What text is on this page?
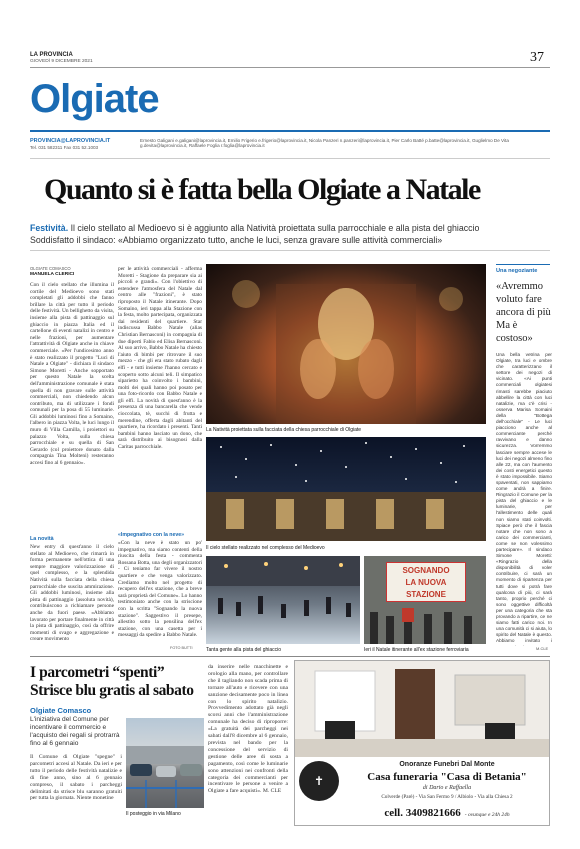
LA PROVINCIA
GIOVEDÌ 9 DICEMBRE 2021	37
Olgiate
PROVINCIA@LAPROVINCIA.IT
Tel. 031 582311 Fax 031 52.1003
Ernesto Galigani e.galigani@laprovincia.it, Emilio Frigerio e.frigerio@laprovincia.it, Nicola Panzeri n.panzeri@laprovincia.it, Pier Carlo Batté p.batte@laprovincia.it, Guglielmo De Vita g.devita@laprovincia.it, Raffaele Foglia r.foglia@laprovincia.it
Quanto si è fatta bella Olgiate a Natale
Festività. Il cielo stellato al Medioevo si è aggiunto alla Natività proiettata sulla parrocchiale e alla pista del ghiaccio
Soddisfatto il sindaco: «Abbiamo organizzato tutto, anche le luci, senza gravare sulle attività commerciali»
OLGIATE COMASCO
MANUELA CLERICI
Con il cielo stellato che illumina il cortile del Medioevo sono stati completati gli addobbi che fanno brillare la città per tutto il periodo delle festività. Un bellighetto da visita, insieme alla pista di pattinaggio sul ghiaccio in piazza Italia ed il cartellone di eventi natalizi in centro e nelle frazioni, per aumentare l'attrattività di Olgiate anche in chiave commerciale. «Per l'undicesimo anno è stato realizzato il progetto "Luci di Natale a Olgiate" - dichiara il sindaco Simone Moretti - Anche sopportato per questo Natale la scelta dell'amministrazione comunale è stata quella di non gravare sulle attività commerciali, non chiedendo alcun contributo, ma di utilizzare i fondi comunali per la posa di 55 luminarie. Gli addobbi luminosi fino a Somaino, l'albero in piazza Volta, le luci lungo il muro di Villa Camilla, i proiettori su palazzo Volta, sulla chiesa parrocchiale e su quella di San Gerardo (col proiettore donato dalla compagnia Tina Molteni) resteranno accesi fino al 6 gennaio».
La novità
New entry di quest'anno il cielo stellato al Medioevo, che rimarrà in forma permanente nell'ottica di una sempre maggiore valorizzazione di quel complesso, e la splendida Natività sulla facciata della chiesa parrocchiale che suscita ammirazione. Gli addobbi luminosi, insieme alla pista di pattinaggio (assoluta novità), contribuiscono a richiamare persone anche da fuori paese. «Abbiamo lavorato per portare finalmente in città la pista di pattinaggio, così da offrire momenti di svago e aggregazione e creare movimento
per le attività commerciali - afferma Moretti - Stagione da preparare sia ai piccoli e grandi». Con l'obiettivo di estendere l'atmosfera del Natale dal centro alle "frazioni", è stato riproposto il Natale itinerante. Dopo Somaino, ieri tappa alla Stazione con la festa, molto partecipata, organizzata dai residenti del quartiere. Star indiscussa Babbo Natale (alias Christian Bernasconi) in compagnia di due diperti Fabio ed Elisa Bernasconi. Al suo arrivo, Babbo Natale ha chiesto l'aiuto di bimbi per ritrovare il suo mezzo - che gli era stato rubato dagli elfi - e tutti insieme l'hanno cercato e scoperto sotto alcuni teli. Il simpatico siparietto ha coinvolto i bambini, molti dei quali hanno poi posato per una foto-ricordo con Babbo Natale e gli elfi. La novità di quest'anno è la presenza di una bancarella che vende cioccolata, tè, succhi di frutta e merendine, offerta dagli abitanti del quartiere, ha ricordato i presenti. Tanti bambini hanno lasciato un dono, che sarà distribuito ai bisognosi dalla Caritas parrocchiale.
«Impegnativo con la neve»
«Con la neve è stato un po' impegnativo, ma siamo contenti della riuscita della festa - commenta Rossana Botta, una degli organizzatori - Ci teniamo far vivere il nostro quartiere e che venga valorizzato. Crediamo molto nel progetto di recupero dell'ex stazione, che a breve sarà proprietà del Comune». Lo hanno testimoniato anche con la striscione con la scritta "Sognando la nuova stazione". Saggestivo il presepe, allestito sotto la pensilina dell'ex stazione, con una casetta per i messaggi da spedire a Babbo Natale.
FOTO BUTTI
La Natività proiettata sulla facciata della chiesa parrocchiale di Olgiate
Il cielo stellato realizzato nel complesso del Medioevo
Tanta gente alla pista del ghiaccio
SOGNANDO
LA NUOVA
STAZIONE
Ieri il Natale itinerante all'ex stazione ferroviaria
Una negoziante
«Avremmo voluto fare ancora di più Ma è costoso»
Una bella vetrina per Olgiate, tra luci e ombre che caratterizzano il settore dei negozi di vicinato. «Ai punti commerciali olgiatesi rimasti sarebbe piaciuto abbellire la città con luci natalizie, ma c'è crisi - osserva Marisa Somaini della "Bottega dell'occhiale" - Le luci piacciono anche al commerciante perché ravvivano e danno sicurezza. Vorremmo lasciare sempre accese le luci dei negozi almeno fino alle 22, ma con l'aumento dei costi energetici questo è stato impossibile. Siamo spaventati, non sappiamo come andrà a finire. Ringrazio il Comune per la pista del ghiaccio e le luminarie, per l'allestimento delle quali non siamo stati coinvolti. Spiace però che il fascia notare che non sono a carico dei commercianti, come se non volessimo partecipare». Il sindaco Simone Moretti: «Ringrazio della disponibilità di voler contribuire, ci sarà un momento di ripartenza per tutti dove si potrà fare qualcosa di più, ci sarà tanto, proprio perché ci sono oggettive difficoltà per una categoria che sta provando a ripartire, ce ne siamo fatti carico noi. In una comunità ci si aiuta, lo spirito del Natale è questo. Abbiamo invitato i
M.CLE
I parcometri “spenti”
Strisce blu gratis al sabato
Olgiate Comasco
L'iniziativa del Comune per incentivare il commercio e l'acquisto dei regali si protrarrà fino al 6 gennaio
Il Comune di Olgiate "spegne" i parcometri accesi al Natale. Da ieri e per tutto il periodo delle festività natalizie e di fine anno, sino al 6 gennaio compreso, il sabato i parcheggi delimitati da strisce blu saranno gratuiti per tutta la giornata. Niente monetine
Il posteggio in via Milano
da inserire nelle macchinette e orologio alla mano, per controllare che il tagliando non scada prima di tornare all'auto e ricevere con una sanzione decisamente poco in linea con lo spirito natalizio. Provvedimento adottato già negli scorsi anni che l'amministrazione comunale ha deciso di riproporre: «La gratuità dei parcheggi nei sabati dall'8 dicembre al 6 gennaio, prevista nel bando per la concessione del servizio di gestione delle aree di sosta a pagamento, così come le luminarie sono attenzioni nei confronti della categoria dei commercianti per incentivare le persone a venire a Olgiate a fare acquisti». M. CLE
✝
Onoranze Funebri Dal Monte
Casa funeraria "Casa di Betania"
di Dario e Raffaella
Colverde (Parè) - Via San Fermo 9 / Albiolo - Via alla Chiesa 2
cell. 3409821666 - ovunque e 24h 24h
